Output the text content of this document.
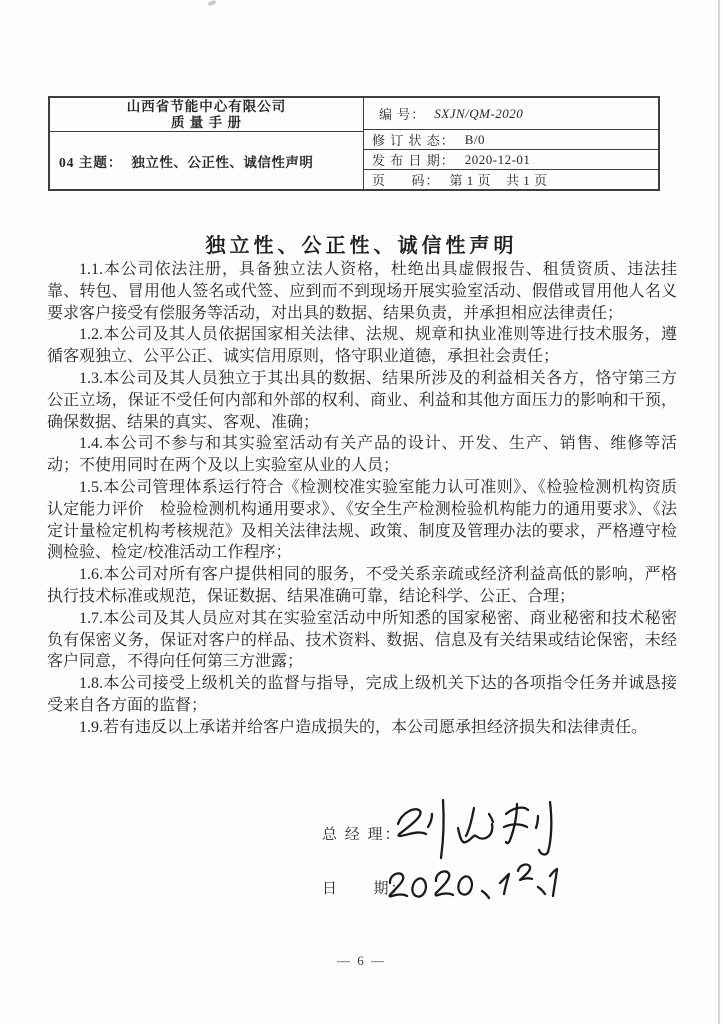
山西省节能中心有限公司
质 量 手 册
04 主题： 独立性、公正性、诚信性声明
编 号： SXJN/QM-2020
修 订 状 态： B/0
发 布 日 期： 2020-12-01
页      码： 第 1 页    共 1 页
独立性、公正性、诚信性声明

1.1.本公司依法注册，具备独立法人资格，杜绝出具虚假报告、租赁资质、违法挂靠、转包、冒用他人签名或代签、应到而不到现场开展实验室活动、假借或冒用他人名义要求客户接受有偿服务等活动，对出具的数据、结果负责，并承担相应法律责任；

1.2.本公司及其人员依据国家相关法律、法规、规章和执业准则等进行技术服务，遵循客观独立、公平公正、诚实信用原则，恪守职业道德，承担社会责任；

1.3.本公司及其人员独立于其出具的数据、结果所涉及的利益相关各方，恪守第三方公正立场，保证不受任何内部和外部的权利、商业、利益和其他方面压力的影响和干预，确保数据、结果的真实、客观、准确；

1.4.本公司不参与和其实验室活动有关产品的设计、开发、生产、销售、维修等活动；不使用同时在两个及以上实验室从业的人员；

1.5.本公司管理体系运行符合《检测校准实验室能力认可准则》、《检验检测机构资质认定能力评价　检验检测机构通用要求》、《安全生产检测检验机构能力的通用要求》、《法定计量检定机构考核规范》及相关法律法规、政策、制度及管理办法的要求，严格遵守检测检验、检定/校准活动工作程序；

1.6.本公司对所有客户提供相同的服务，不受关系亲疏或经济利益高低的影响，严格执行技术标准或规范，保证数据、结果准确可靠，结论科学、公正、合理；

1.7.本公司及其人员应对其在实验室活动中所知悉的国家秘密、商业秘密和技术秘密负有保密义务，保证对客户的样品、技术资料、数据、信息及有关结果或结论保密，未经客户同意，不得向任何第三方泄露；

1.8.本公司接受上级机关的监督与指导，完成上级机关下达的各项指令任务并诚恳接受来自各方面的监督；

1.9.若有违反以上承诺并给客户造成损失的，本公司愿承担经济损失和法律责任。

总 经 理：
日      期：
— 6 —
